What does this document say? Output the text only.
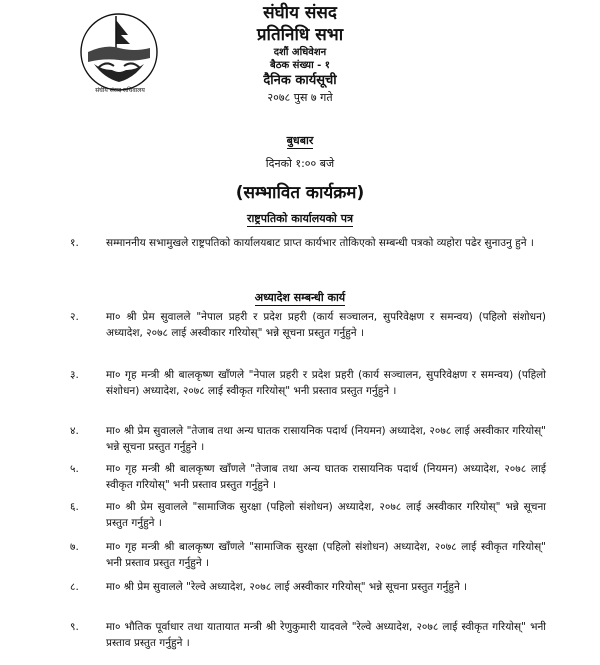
संघीय संसद सचिवालय
संघीय संसद
प्रतिनिधि सभा
दशौं अधिवेशन
बैठक संख्या - १
दैनिक कार्यसूची
२०७८ पुस ७ गते
बुधबार
दिनको १:०० बजे
(सम्भावित कार्यक्रम)
राष्ट्रपतिको कार्यालयको पत्र
१.	सम्माननीय सभामुखले राष्ट्रपतिको कार्यालयबाट प्राप्त कार्यभार तोकिएको सम्बन्धी पत्रको व्यहोरा पढेर सुनाउनु हुने ।
अध्यादेश सम्बन्धी कार्य
२.	मा० श्री प्रेम सुवालले "नेपाल प्रहरी र प्रदेश प्रहरी (कार्य सञ्चालन, सुपरिवेक्षण र समन्वय) (पहिलो संशोधन) अध्यादेश, २०७८ लाई अस्वीकार गरियोस्" भन्ने सूचना प्रस्तुत गर्नुहुने ।
३.	मा० गृह मन्त्री श्री बालकृष्ण खाँणले "नेपाल प्रहरी र प्रदेश प्रहरी (कार्य सञ्चालन, सुपरिवेक्षण र समन्वय) (पहिलो संशोधन) अध्यादेश, २०७८ लाई स्वीकृत गरियोस्" भनी प्रस्ताव प्रस्तुत गर्नुहुने ।
४.	मा० श्री प्रेम सुवालले "तेजाब तथा अन्य घातक रासायनिक पदार्थ (नियमन) अध्यादेश, २०७८ लाई अस्वीकार गरियोस्" भन्ने सूचना प्रस्तुत गर्नुहुने ।
५.	मा० गृह मन्त्री श्री बालकृष्ण खाँणले "तेजाब तथा अन्य घातक रासायनिक पदार्थ (नियमन) अध्यादेश, २०७८ लाई स्वीकृत गरियोस्" भनी प्रस्ताव प्रस्तुत गर्नुहुने ।
६.	मा० श्री प्रेम सुवालले "सामाजिक सुरक्षा (पहिलो संशोधन) अध्यादेश, २०७८ लाई अस्वीकार गरियोस्" भन्ने सूचना प्रस्तुत गर्नुहुने ।
७.	मा० गृह मन्त्री श्री बालकृष्ण खाँणले "सामाजिक सुरक्षा (पहिलो संशोधन) अध्यादेश, २०७८ लाई स्वीकृत गरियोस्" भनी प्रस्ताव प्रस्तुत गर्नुहुने ।
८.	मा० श्री प्रेम सुवालले "रेल्वे अध्यादेश, २०७८ लाई अस्वीकार गरियोस्" भन्ने सूचना प्रस्तुत गर्नुहुने ।
९.	मा० भौतिक पूर्वाधार तथा यातायात मन्त्री श्री रेणुकुमारी यादवले "रेल्वे अध्यादेश, २०७८ लाई स्वीकृत गरियोस्" भनी प्रस्ताव प्रस्तुत गर्नुहुने ।
